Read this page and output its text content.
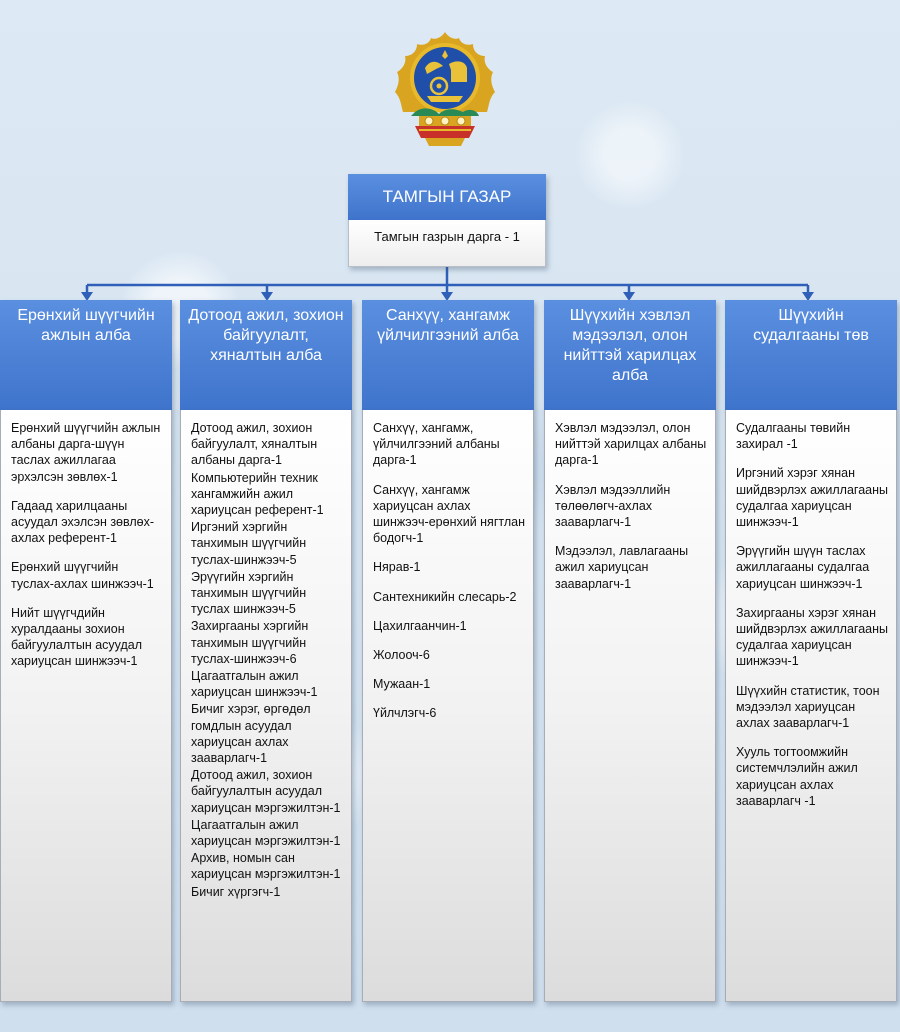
ТАМГЫН ГАЗАР
Тамгын газрын дарга - 1
Ерөнхий шүүгчийн ажлын алба
Ерөнхий шүүгчийн ажлын албаны дарга-шүүн таслах ажиллагаа эрхэлсэн зөвлөх-1
Гадаад харилцааны асуудал эхэлсэн зөвлөх-ахлах референт-1
Ерөнхий шүүгчийн туслах-ахлах шинжээч-1
Нийт шүүгчдийн хуралдааны зохион байгуулалтын асуудал хариуцсан шинжээч-1
Дотоод ажил, зохион байгуулалт, хяналтын алба
Дотоод ажил, зохион байгуулалт, хяналтын албаны дарга-1
Компьютерийн техник хангамжийн ажил хариуцсан референт-1
Иргэний хэргийн танхимын шүүгчийн туслах-шинжээч-5
Эрүүгийн хэргийн танхимын шүүгчийн туслах шинжээч-5
Захиргааны хэргийн танхимын шүүгчийн туслах-шинжээч-6
Цагаатгалын ажил хариуцсан шинжээч-1
Бичиг хэрэг, өргөдөл гомдлын асуудал хариуцсан ахлах зааварлагч-1
Дотоод ажил, зохион байгуулалтын асуудал хариуцсан мэргэжилтэн-1
Цагаатгалын ажил хариуцсан мэргэжилтэн-1
Архив, номын сан хариуцсан мэргэжилтэн-1
Бичиг хүргэгч-1
Санхүү, хангамж үйлчилгээний алба
Санхүү, хангамж, үйлчилгээний албаны дарга-1
Санхүү, хангамж хариуцсан ахлах шинжээч-ерөнхий нягтлан бодогч-1
Нярав-1
Сантехникийн слесарь-2
Цахилгаанчин-1
Жолооч-6
Мужаан-1
Үйлчлэгч-6
Шүүхийн хэвлэл мэдээлэл, олон нийттэй харилцах алба
Хэвлэл мэдээлэл, олон нийттэй харилцах албаны дарга-1
Хэвлэл мэдээллийн төлөөлөгч-ахлах зааварлагч-1
Мэдээлэл, лавлагааны ажил хариуцсан зааварлагч-1
Шүүхийн судалгааны төв
Судалгааны төвийн захирал -1
Иргэний хэрэг хянан шийдвэрлэх ажиллагааны судалгаа хариуцсан шинжээч-1
Эрүүгийн шүүн таслах ажиллагааны судалгаа хариуцсан шинжээч-1
Захиргааны хэрэг хянан шийдвэрлэх ажиллагааны судалгаа хариуцсан шинжээч-1
Шүүхийн статистик, тоон мэдээлэл хариуцсан ахлах зааварлагч-1
Хууль тогтоомжийн системчлэлийн ажил хариуцсан ахлах зааварлагч -1
